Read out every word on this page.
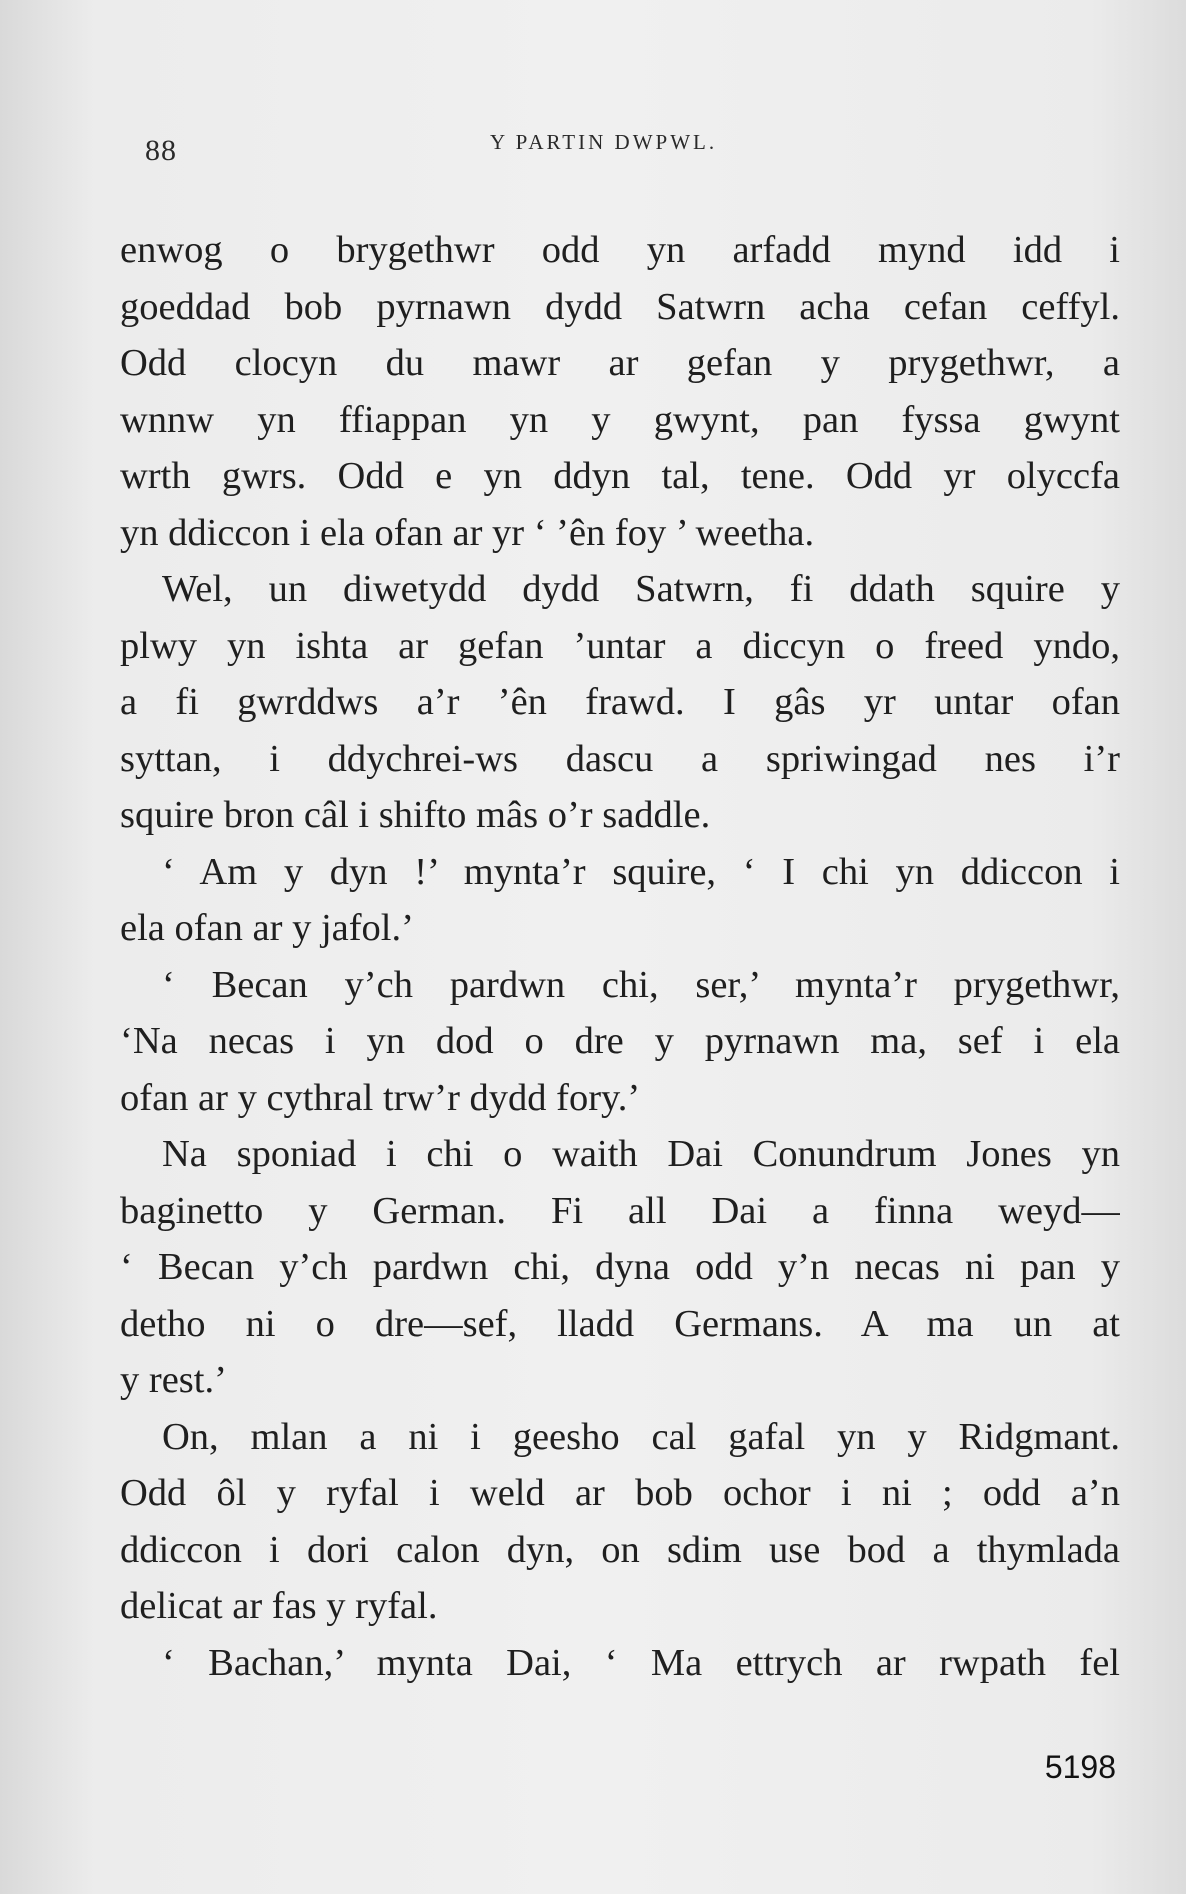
88	Y PARTIN DWPWL.
enwog o brygethwr odd yn arfadd mynd idd i
goeddad bob pyrnawn dydd Satwrn acha cefan ceffyl.
Odd clocyn du mawr ar gefan y prygethwr, a
wnnw yn ffiappan yn y gwynt, pan fyssa gwynt
wrth gwrs. Odd e yn ddyn tal, tene. Odd yr olyccfa
yn ddiccon i ela ofan ar yr ‘ ’ên foy ’ weetha.
Wel, un diwetydd dydd Satwrn, fi ddath squire y
plwy yn ishta ar gefan ’untar a diccyn o freed yndo,
a fi gwrddws a’r ’ên frawd. I gâs yr untar ofan
syttan, i ddychrei-ws dascu a spriwingad nes i’r
squire bron câl i shifto mâs o’r saddle.
‘ Am y dyn !’ mynta’r squire, ‘ I chi yn ddiccon i
ela ofan ar y jafol.’
‘ Becan y’ch pardwn chi, ser,’ mynta’r prygethwr,
‘Na necas i yn dod o dre y pyrnawn ma, sef i ela
ofan ar y cythral trw’r dydd fory.’
Na sponiad i chi o waith Dai Conundrum Jones yn
baginetto y German. Fi all Dai a finna weyd—
‘ Becan y’ch pardwn chi, dyna odd y’n necas ni pan y
detho ni o dre—sef, lladd Germans. A ma un at
y rest.’
On, mlan a ni i geesho cal gafal yn y Ridgmant.
Odd ôl y ryfal i weld ar bob ochor i ni ; odd a’n
ddiccon i dori calon dyn, on sdim use bod a thymlada
delicat ar fas y ryfal.
‘ Bachan,’ mynta Dai, ‘ Ma ettrych ar rwpath fel
5198
